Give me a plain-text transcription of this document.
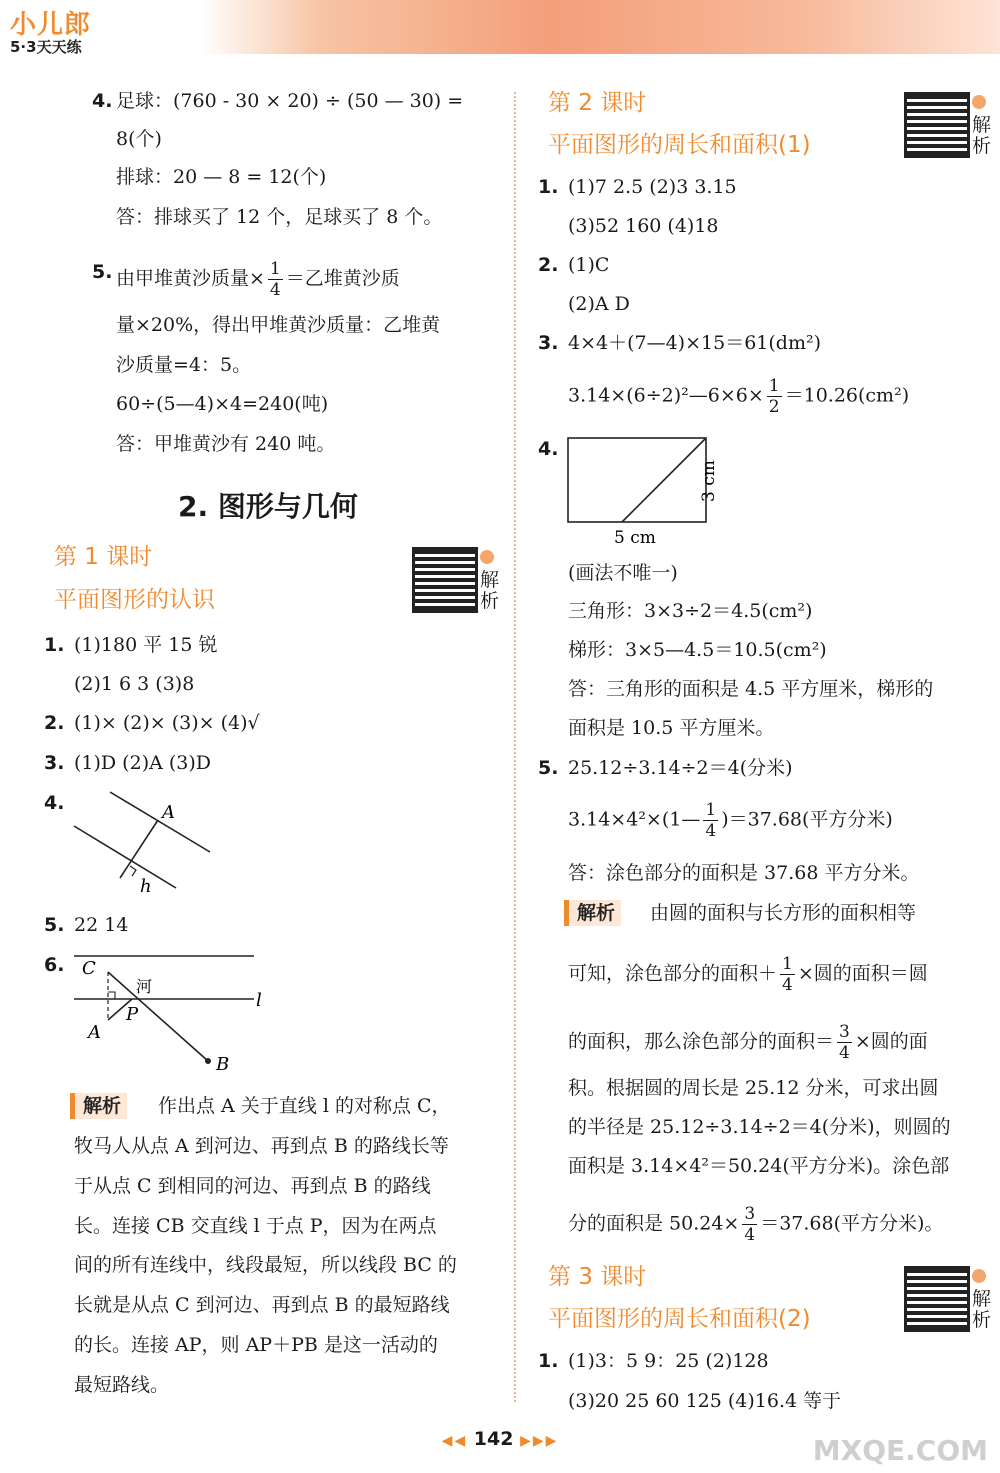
小儿郎
5·3天天练
4. 足球：(760 - 30 × 20) ÷ (50 — 30) =
8(个)
排球：20 — 8 = 12(个)
答：排球买了 12 个，足球买了 8 个。
5. 由甲堆黄沙质量× $\frac{1}{4}$ ＝乙堆黄沙质
量×20%，得出甲堆黄沙质量：乙堆黄
沙质量=4：5。
60÷(5—4)×4=240(吨)
答：甲堆黄沙有 240 吨。
2. 图形与几何
第 1 课时
平面图形的认识
解析
1. (1)180 平 15 锐
(2)1 6 3 (3)8
2. (1)× (2)× (3)× (4)√
3. (1)D (2)A (3)D
4.	A
h
5. 22 14
6. C
河
l
P
A
B
解析	作出点 A 关于直线 l 的对称点 C，
牧马人从点 A 到河边、再到点 B 的路线长等
于从点 C 到相同的河边、再到点 B 的路线
长。连接 CB 交直线 l 于点 P，因为在两点
间的所有连线中，线段最短，所以线段 BC 的
长就是从点 C 到河边、再到点 B 的最短路线
的长。连接 AP，则 AP＋PB 是这一活动的
最短路线。
第 2 课时
平面图形的周长和面积(1)
解析
1. (1)7 2.5 (2)3 3.15
(3)52 160 (4)18
2. (1)C
(2)A D
3. 4×4＋(7—4)×15＝61(dm²)
3.14×(6÷2)²—6×6× $\frac{1}{2} =10.26(cm^2)$
4.
5 cm
3 cm
(画法不唯一)
三角形：3×3÷2＝4.5(cm²)
梯形：3×5—4.5＝10.5(cm²)
答：三角形的面积是 4.5 平方厘米，梯形的
面积是 10.5 平方厘米。
5. 25.12÷3.14÷2＝4(分米)
3.14×4²×(1— $\frac{1}{4} )=37.68$(平方分米)
答：涂色部分的面积是 37.68 平方分米。
解析	由圆的面积与长方形的面积相等
可知，涂色部分的面积＋ $\frac{1}{4}$ ×圆的面积＝圆
的面积，那么涂色部分的面积＝ $\frac{3}{4}$ ×圆的面
积。根据圆的周长是 25.12 分米，可求出圆
的半径是 25.12÷3.14÷2＝4(分米)，则圆的
面积是 3.14×4²＝50.24(平方分米)。涂色部
分的面积是 $50.24\times \frac{3}{4} =37.68$(平方分米)。
第 3 课时
平面图形的周长和面积(2)
解析
1. (1)3：5 9：25 (2)128
(3)20 25 60 125 (4)16.4 等于
◀◀ 142 ▶▶▶	MXQE.COM
